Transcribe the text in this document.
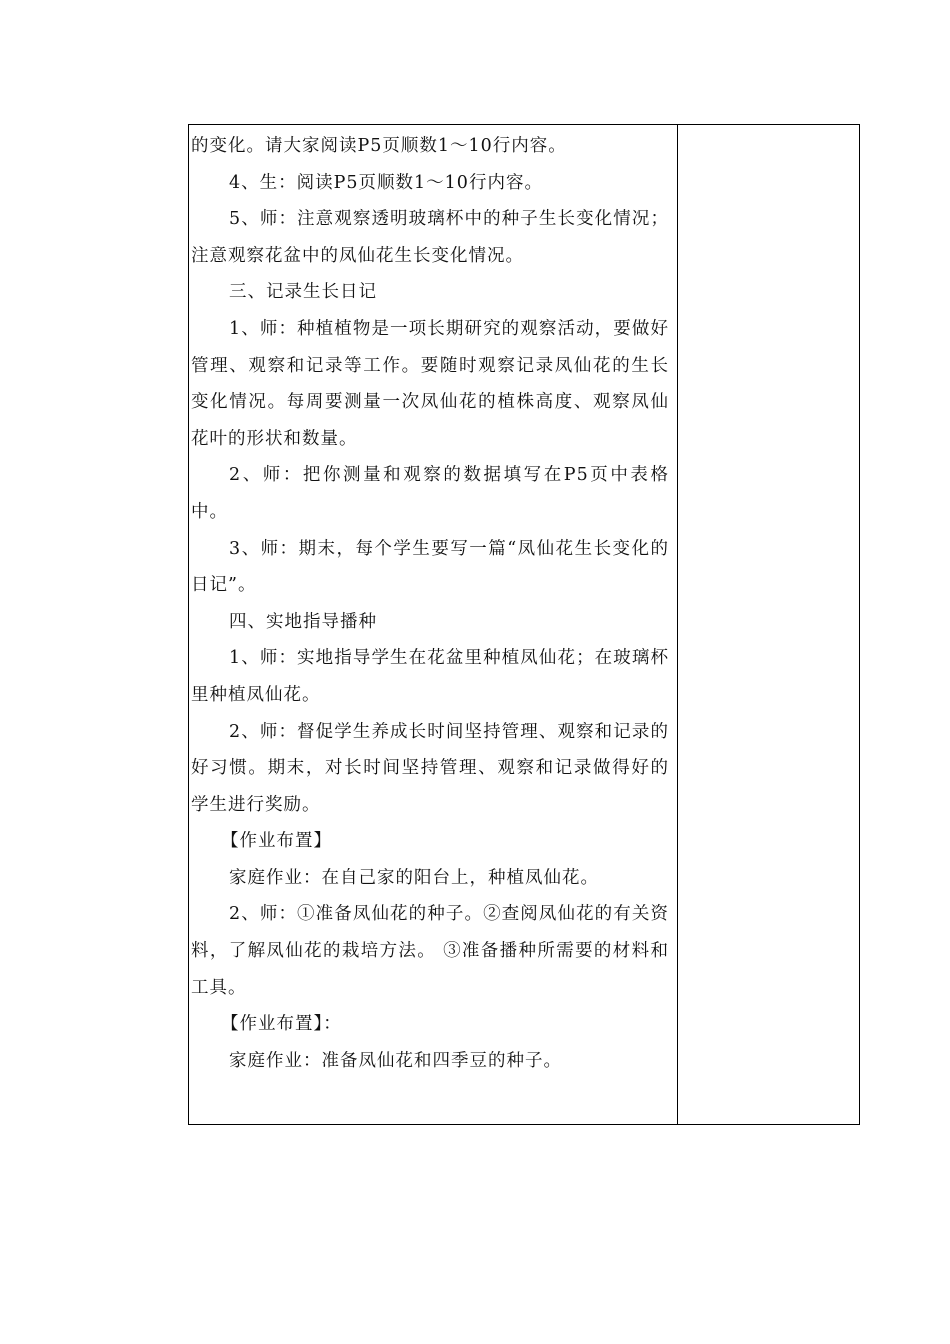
的变化。请大家阅读P5页顺数1～10行内容。

4、生：阅读P5页顺数1～10行内容。

5、师：注意观察透明玻璃杯中的种子生长变化情况；注意观察花盆中的凤仙花生长变化情况。

三、记录生长日记

1、师：种植植物是一项长期研究的观察活动，要做好管理、观察和记录等工作。要随时观察记录凤仙花的生长变化情况。每周要测量一次凤仙花的植株高度、观察凤仙花叶的形状和数量。

2、师：把你测量和观察的数据填写在P5页中表格中。

3、师：期末，每个学生要写一篇“凤仙花生长变化的日记”。

四、实地指导播种

1、师：实地指导学生在花盆里种植凤仙花；在玻璃杯里种植凤仙花。

2、师：督促学生养成长时间坚持管理、观察和记录的好习惯。期末，对长时间坚持管理、观察和记录做得好的学生进行奖励。

【作业布置】

家庭作业：在自己家的阳台上，种植凤仙花。

2、师：①准备凤仙花的种子。②查阅凤仙花的有关资料，了解凤仙花的栽培方法。 ③准备播种所需要的材料和工具。

【作业布置】：

家庭作业：准备凤仙花和四季豆的种子。
